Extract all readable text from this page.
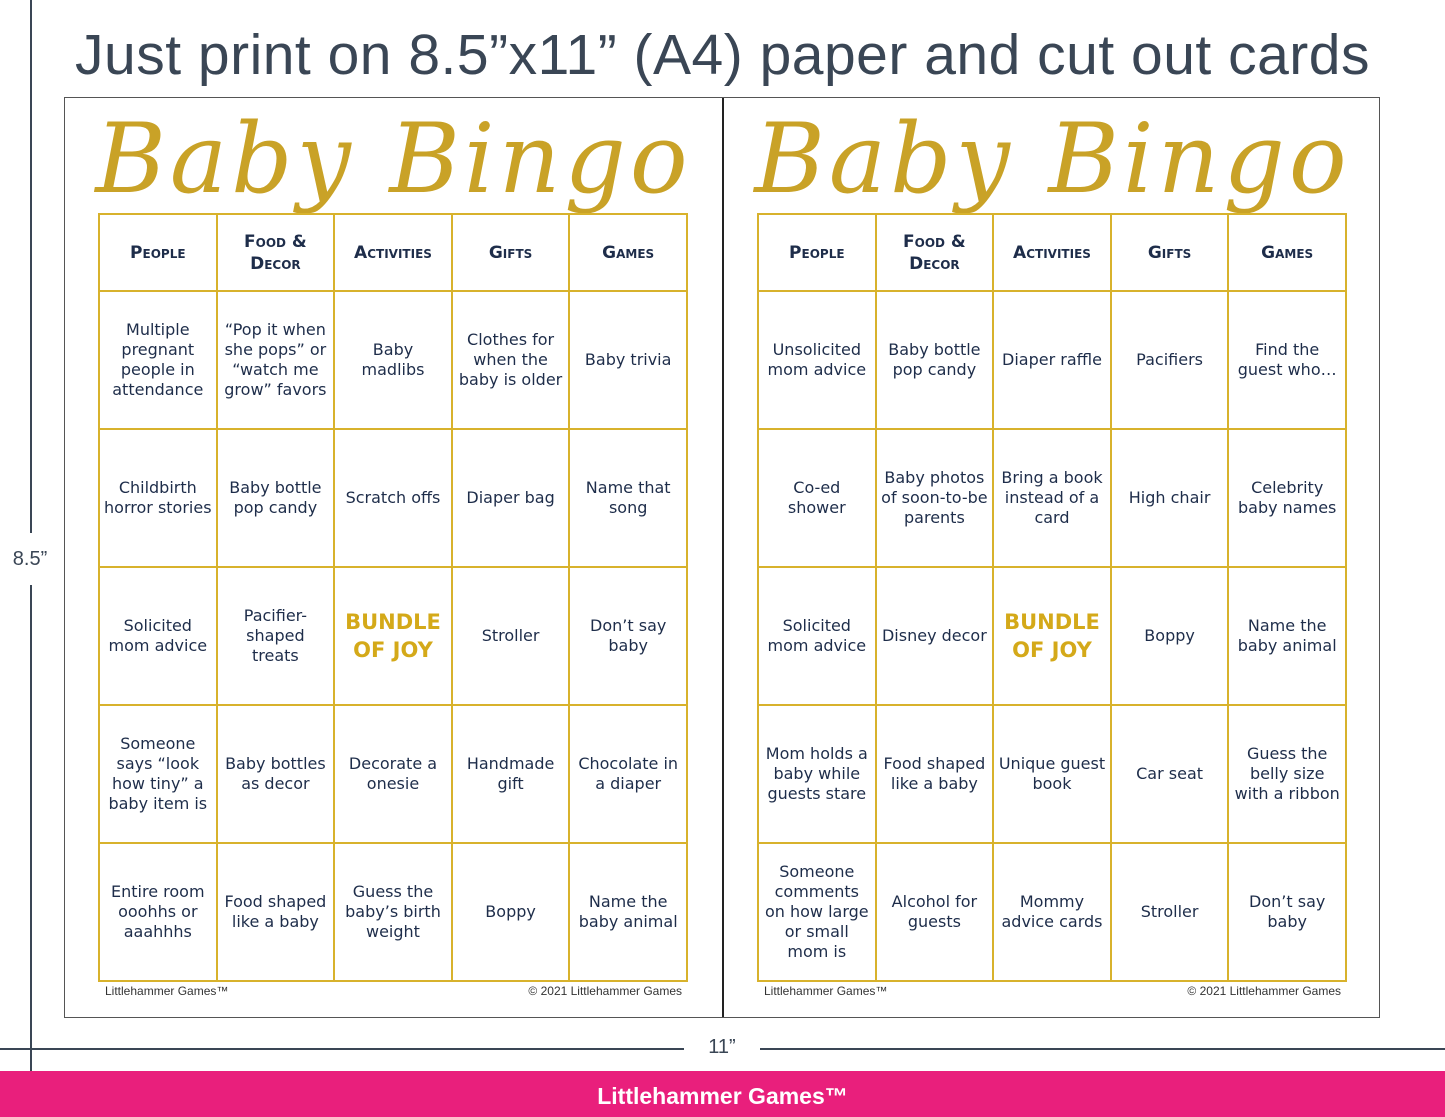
Just print on 8.5”x11” (A4) paper and cut out cards
8.5”
11”
Baby Bingo
People	Food & Decor	Activities	Gifts	Games
Multiple pregnant people in attendance	“Pop it when she pops” or “watch me grow” favors	Baby madlibs	Clothes for when the baby is older	Baby trivia
Childbirth horror stories	Baby bottle pop candy	Scratch offs	Diaper bag	Name that song
Solicited mom advice	Pacifier-shaped treats	BUNDLE OF JOY	Stroller	Don’t say baby
Someone says “look how tiny” a baby item is	Baby bottles as decor	Decorate a onesie	Handmade gift	Chocolate in a diaper
Entire room ooohhs or aaahhhs	Food shaped like a baby	Guess the baby’s birth weight	Boppy	Name the baby animal
Littlehammer Games™	© 2021 Littlehammer Games
Baby Bingo
People	Food & Decor	Activities	Gifts	Games
Unsolicited mom advice	Baby bottle pop candy	Diaper raffle	Pacifiers	Find the guest who…
Co-ed shower	Baby photos of soon-to-be parents	Bring a book instead of a card	High chair	Celebrity baby names
Solicited mom advice	Disney decor	BUNDLE OF JOY	Boppy	Name the baby animal
Mom holds a baby while guests stare	Food shaped like a baby	Unique guest book	Car seat	Guess the belly size with a ribbon
Someone comments on how large or small mom is	Alcohol for guests	Mommy advice cards	Stroller	Don’t say baby
Littlehammer Games™	© 2021 Littlehammer Games
Littlehammer Games™
